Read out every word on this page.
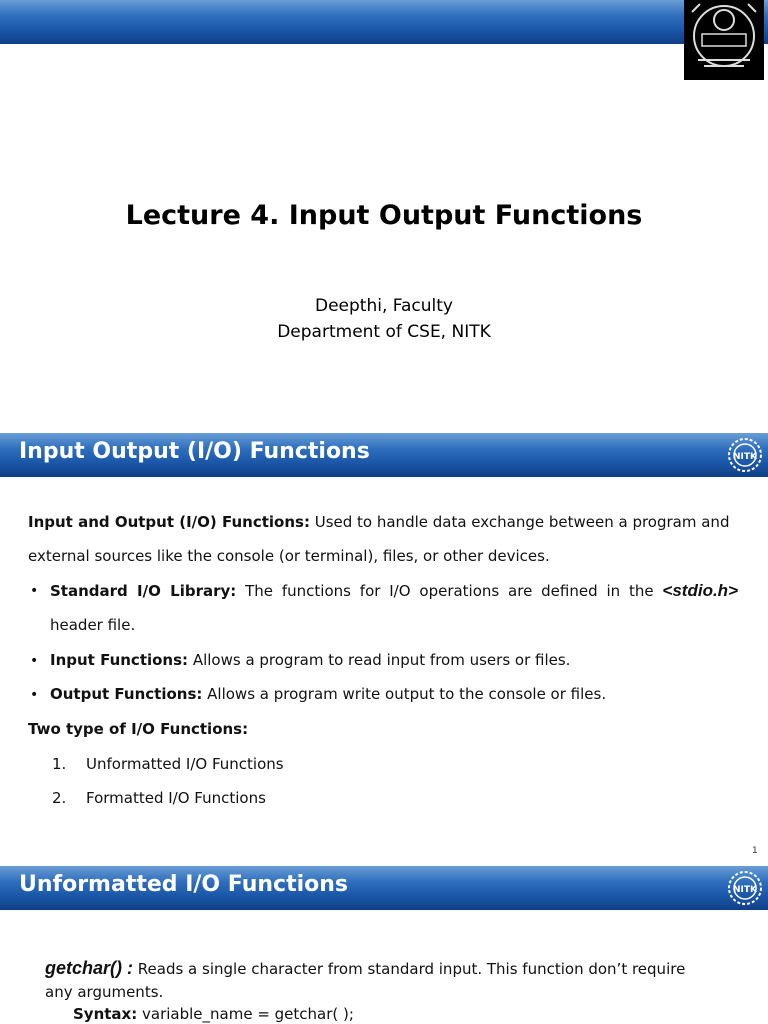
Lecture 4. Input Output Functions
Deepthi, Faculty
Department of CSE, NITK
Input Output (I/O) Functions	NITK
Input and Output (I/O) Functions: Used to handle data exchange between a program and
external sources like the console (or terminal), files, or other devices.
• Standard I/O Library: The functions for I/O operations are defined in the <stdio.h>
header file.
• Input Functions: Allows a program to read input from users or files.
• Output Functions: Allows a program write output to the console or files.
Two type of I/O Functions:
1. Unformatted I/O Functions
2. Formatted I/O Functions
1
Unformatted I/O Functions	NITK
getchar() : Reads a single character from standard input. This function don’t require
any arguments.
Syntax: variable_name = getchar( );
